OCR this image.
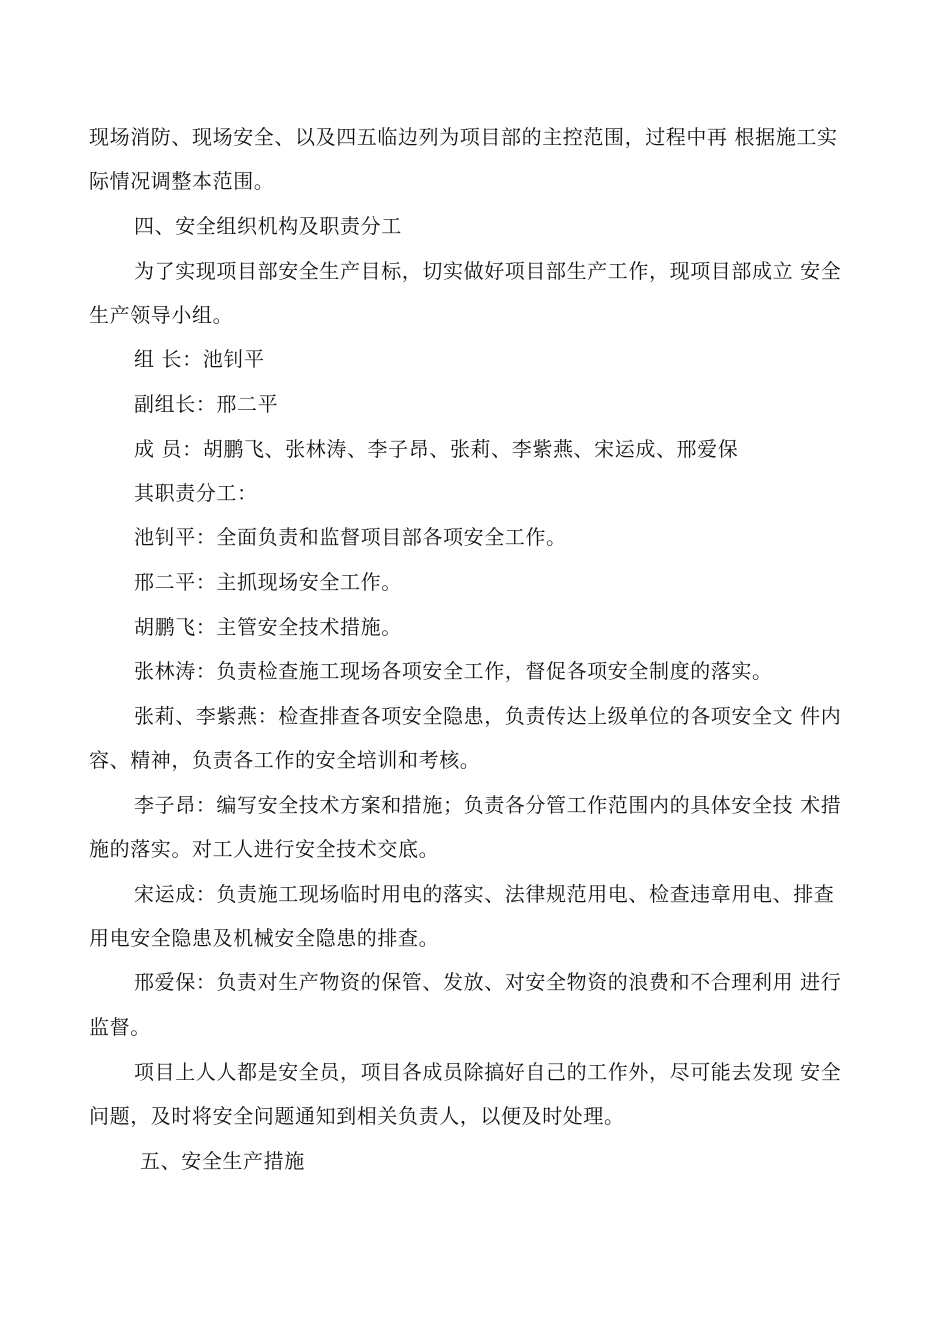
现场消防、现场安全、以及四五临边列为项目部的主控范围，过程中再 根据施工实
际情况调整本范围。
四、安全组织机构及职责分工
为了实现项目部安全生产目标，切实做好项目部生产工作，现项目部成立 安全
生产领导小组。
组 长：池钊平
副组长：邢二平
成 员：胡鹏飞、张林涛、李子昂、张莉、李紫燕、宋运成、邢爱保
其职责分工：
池钊平：全面负责和监督项目部各项安全工作。
邢二平：主抓现场安全工作。
胡鹏飞：主管安全技术措施。
张林涛：负责检查施工现场各项安全工作，督促各项安全制度的落实。
张莉、李紫燕：检查排查各项安全隐患，负责传达上级单位的各项安全文 件内
容、精神，负责各工作的安全培训和考核。
李子昂：编写安全技术方案和措施；负责各分管工作范围内的具体安全技 术措
施的落实。对工人进行安全技术交底。
宋运成：负责施工现场临时用电的落实、法律规范用电、检查违章用电、排查
用电安全隐患及机械安全隐患的排查。
邢爱保：负责对生产物资的保管、发放、对安全物资的浪费和不合理利用 进行
监督。
项目上人人都是安全员，项目各成员除搞好自己的工作外，尽可能去发现 安全
问题，及时将安全问题通知到相关负责人，以便及时处理。
五、安全生产措施
